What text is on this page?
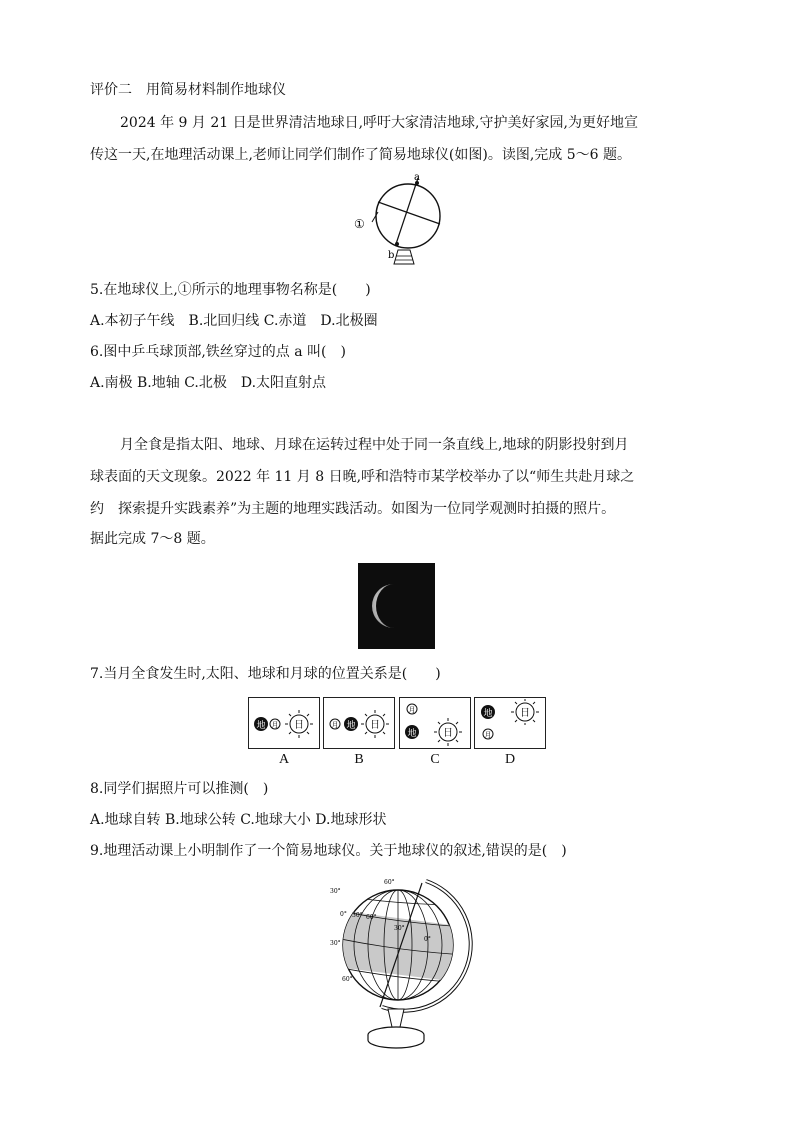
评价二　用简易材料制作地球仪
2024 年 9 月 21 日是世界清洁地球日,呼吁大家清洁地球,守护美好家园,为更好地宣
传这一天,在地理活动课上,老师让同学们制作了简易地球仪(如图)。读图,完成 5～6 题。
a
b
①
5.在地球仪上,①所示的地理事物名称是(　　)
A.本初子午线　B.北回归线 C.赤道　D.北极圈
6.图中乒乓球顶部,铁丝穿过的点 a 叫(　)
A.南极 B.地轴 C.北极　D.太阳直射点
月全食是指太阳、地球、月球在运转过程中处于同一条直线上,地球的阴影投射到月
球表面的天文现象。2022 年 11 月 8 日晚,呼和浩特市某学校举办了以“师生共赴月球之
约　探索提升实践素养”为主题的地理实践活动。如图为一位同学观测时拍摄的照片。
据此完成 7～8 题。
7.当月全食发生时,太阳、地球和月球的位置关系是(　　)
地 月 日	月 地 日
月
地	日
地
月
日
A	B	C	D
8.同学们据照片可以推测(　)
A.地球自转 B.地球公转 C.地球大小 D.地球形状
9.地理活动课上小明制作了一个简易地球仪。关于地球仪的叙述,错误的是(　)
60°
30°
0° 30° 60°
30°
0°
30°
60°
